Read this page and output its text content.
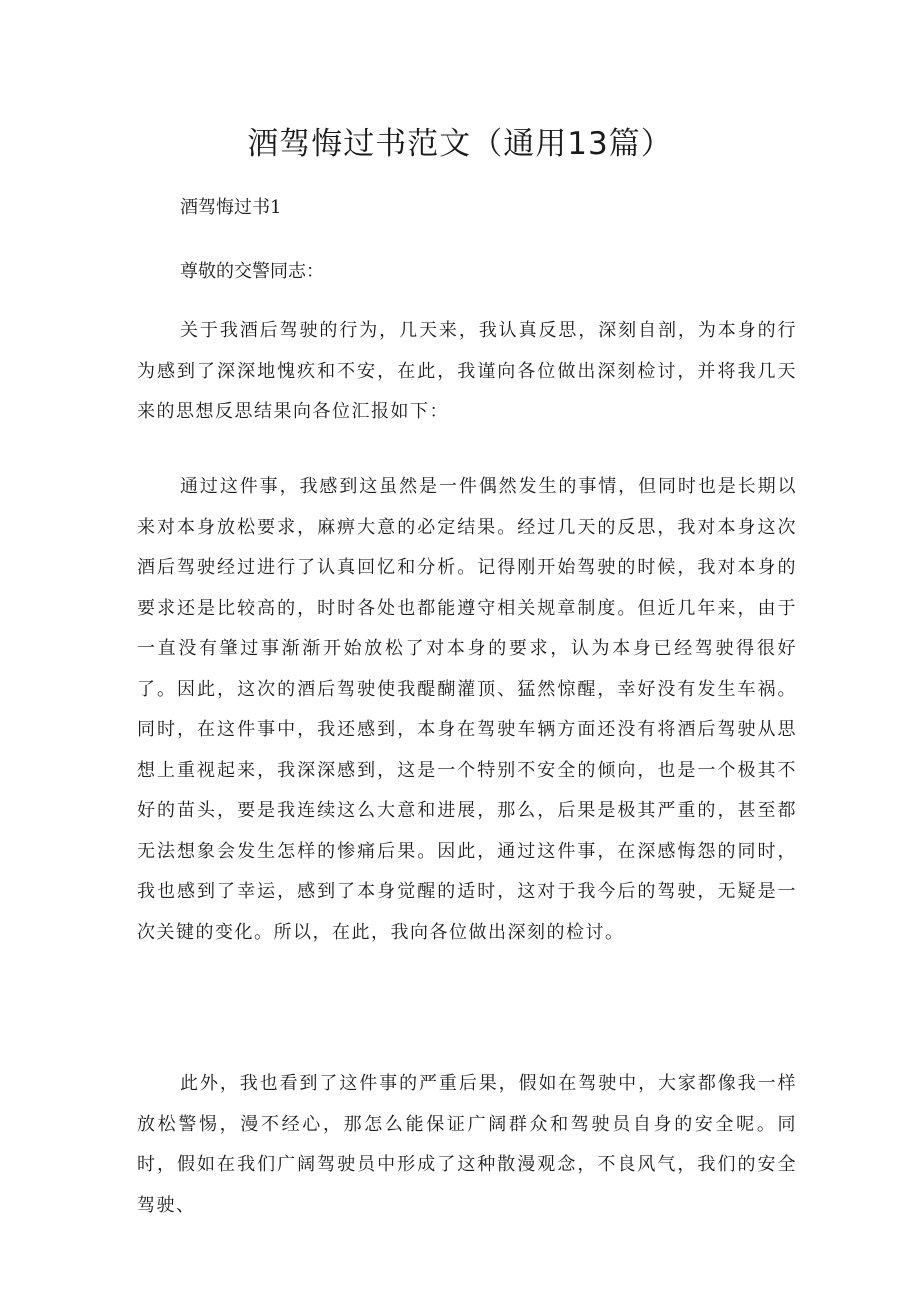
酒驾悔过书范文（通用13篇）

酒驾悔过书1

尊敬的交警同志：

关于我酒后驾驶的行为，几天来，我认真反思，深刻自剖，为本身的行为感到了深深地愧疚和不安，在此，我谨向各位做出深刻检讨，并将我几天来的思想反思结果向各位汇报如下：

通过这件事，我感到这虽然是一件偶然发生的事情，但同时也是长期以来对本身放松要求，麻痹大意的必定结果。经过几天的反思，我对本身这次酒后驾驶经过进行了认真回忆和分析。记得刚开始驾驶的时候，我对本身的要求还是比较高的，时时各处也都能遵守相关规章制度。但近几年来，由于一直没有肇过事渐渐开始放松了对本身的要求，认为本身已经驾驶得很好了。因此，这次的酒后驾驶使我醍醐灌顶、猛然惊醒，幸好没有发生车祸。同时，在这件事中，我还感到，本身在驾驶车辆方面还没有将酒后驾驶从思想上重视起来，我深深感到，这是一个特别不安全的倾向，也是一个极其不好的苗头，要是我连续这么大意和进展，那么，后果是极其严重的，甚至都无法想象会发生怎样的惨痛后果。因此，通过这件事，在深感悔怨的同时，我也感到了幸运，感到了本身觉醒的适时，这对于我今后的驾驶，无疑是一次关键的变化。所以，在此，我向各位做出深刻的检讨。

此外，我也看到了这件事的严重后果，假如在驾驶中，大家都像我一样放松警惕，漫不经心，那怎么能保证广阔群众和驾驶员自身的安全呢。同时，假如在我们广阔驾驶员中形成了这种散漫观念，不良风气，我们的安全驾驶、
